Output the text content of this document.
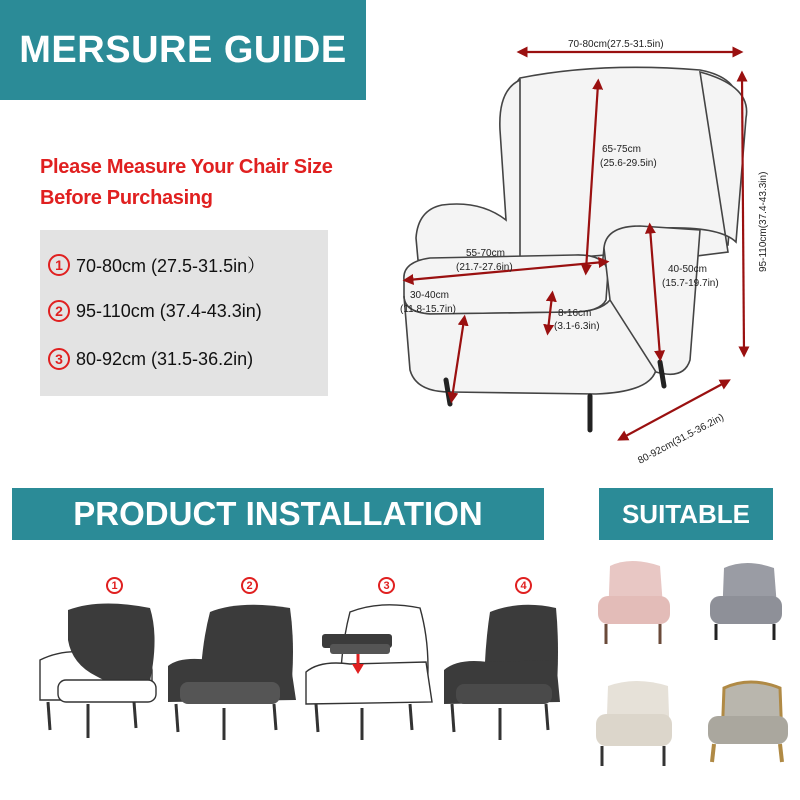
MERSURE GUIDE
Please Measure Your Chair Size
Before Purchasing
1 70-80cm (27.5-31.5in）
2 95-110cm (37.4-43.3in)
3 80-92cm (31.5-36.2in)
70-80cm(27.5-31.5in)
65-75cm
(25.6-29.5in)
55-70cm
(21.7-27.6in)	40-50cm
(15.7-19.7in)
30-40cm
(11.8-15.7in)	8-16cm
(3.1-6.3in)
95-110cm(37.4-43.3in)
80-92cm(31.5-36.2in)
PRODUCT INSTALLATION	SUITABLE
1	2	3	4
